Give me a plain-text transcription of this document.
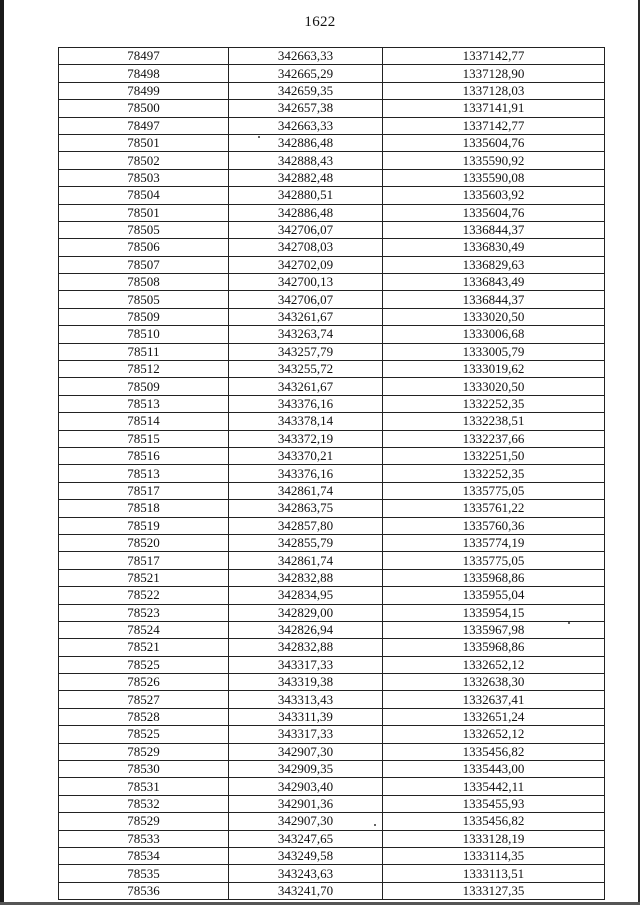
1622
78497	342663,33	1337142,77
78498	342665,29	1337128,90
78499	342659,35	1337128,03
78500	342657,38	1337141,91
78497	342663,33	1337142,77
78501	342886,48	1335604,76
78502	342888,43	1335590,92
78503	342882,48	1335590,08
78504	342880,51	1335603,92
78501	342886,48	1335604,76
78505	342706,07	1336844,37
78506	342708,03	1336830,49
78507	342702,09	1336829,63
78508	342700,13	1336843,49
78505	342706,07	1336844,37
78509	343261,67	1333020,50
78510	343263,74	1333006,68
78511	343257,79	1333005,79
78512	343255,72	1333019,62
78509	343261,67	1333020,50
78513	343376,16	1332252,35
78514	343378,14	1332238,51
78515	343372,19	1332237,66
78516	343370,21	1332251,50
78513	343376,16	1332252,35
78517	342861,74	1335775,05
78518	342863,75	1335761,22
78519	342857,80	1335760,36
78520	342855,79	1335774,19
78517	342861,74	1335775,05
78521	342832,88	1335968,86
78522	342834,95	1335955,04
78523	342829,00	1335954,15
78524	342826,94	1335967,98
78521	342832,88	1335968,86
78525	343317,33	1332652,12
78526	343319,38	1332638,30
78527	343313,43	1332637,41
78528	343311,39	1332651,24
78525	343317,33	1332652,12
78529	342907,30	1335456,82
78530	342909,35	1335443,00
78531	342903,40	1335442,11
78532	342901,36	1335455,93
78529	342907,30	1335456,82
78533	343247,65	1333128,19
78534	343249,58	1333114,35
78535	343243,63	1333113,51
78536	343241,70	1333127,35
